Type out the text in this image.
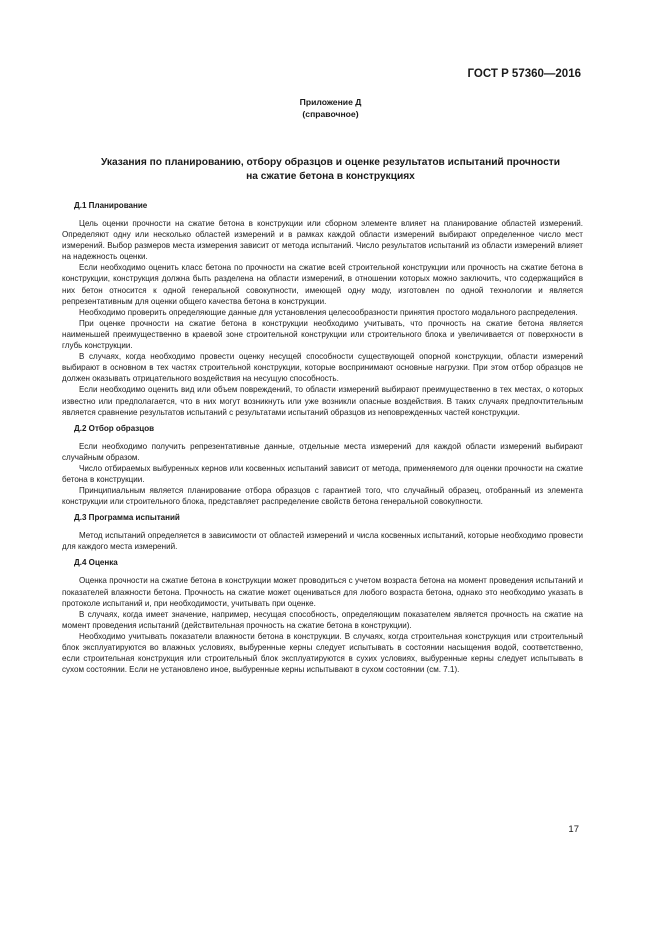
ГОСТ Р 57360—2016
Приложение Д
(справочное)
Указания по планированию, отбору образцов и оценке результатов испытаний прочности
на сжатие бетона в конструкциях
Д.1 Планирование

Цель оценки прочности на сжатие бетона в конструкции или сборном элементе влияет на планирование областей измерений. Определяют одну или несколько областей измерений и в рамках каждой области измерений выбирают определенное число мест измерений. Выбор размеров места измерения зависит от метода испытаний. Число результатов испытаний из области измерений влияет на надежность оценки.

Если необходимо оценить класс бетона по прочности на сжатие всей строительной конструкции или прочность на сжатие бетона в конструкции, конструкция должна быть разделена на области измерений, в отношении которых можно заключить, что содержащийся в них бетон относится к одной генеральной совокупности, имеющей одну моду, изготовлен по одной технологии и является репрезентативным для оценки общего качества бетона в конструкции.

Необходимо проверить определяющие данные для установления целесообразности принятия простого модального распределения.

При оценке прочности на сжатие бетона в конструкции необходимо учитывать, что прочность на сжатие бетона является наименьшей преимущественно в краевой зоне строительной конструкции или строительного блока и увеличивается от поверхности в глубь конструкции.

В случаях, когда необходимо провести оценку несущей способности существующей опорной конструкции, области измерений выбирают в основном в тех частях строительной конструкции, которые воспринимают основные нагрузки. При этом отбор образцов не должен оказывать отрицательного воздействия на несущую способность.

Если необходимо оценить вид или объем повреждений, то области измерений выбирают преимущественно в тех местах, о которых известно или предполагается, что в них могут возникнуть или уже возникли опасные воздействия. В таких случаях предпочтительным является сравнение результатов испытаний с результатами испытаний образцов из неповрежденных частей конструкции.

Д.2 Отбор образцов

Если необходимо получить репрезентативные данные, отдельные места измерений для каждой области измерений выбирают случайным образом.

Число отбираемых выбуренных кернов или косвенных испытаний зависит от метода, применяемого для оценки прочности на сжатие бетона в конструкции.

Принципиальным является планирование отбора образцов с гарантией того, что случайный образец, отобранный из элемента конструкции или строительного блока, представляет распределение свойств бетона генеральной совокупности.

Д.3 Программа испытаний

Метод испытаний определяется в зависимости от областей измерений и числа косвенных испытаний, которые необходимо провести для каждого места измерений.

Д.4 Оценка

Оценка прочности на сжатие бетона в конструкции может проводиться с учетом возраста бетона на момент проведения испытаний и показателей влажности бетона. Прочность на сжатие может оцениваться для любого возраста бетона, однако это необходимо указать в протоколе испытаний и, при необходимости, учитывать при оценке.

В случаях, когда имеет значение, например, несущая способность, определяющим показателем является прочность на сжатие на момент проведения испытаний (действительная прочность на сжатие бетона в конструкции).

Необходимо учитывать показатели влажности бетона в конструкции. В случаях, когда строительная конструкция или строительный блок эксплуатируются во влажных условиях, выбуренные керны следует испытывать в состоянии насыщения водой, соответственно, если строительная конструкция или строительный блок эксплуатируются в сухих условиях, выбуренные керны следует испытывать в сухом состоянии. Если не установлено иное, выбуренные керны испытывают в сухом состоянии (см. 7.1).

17
